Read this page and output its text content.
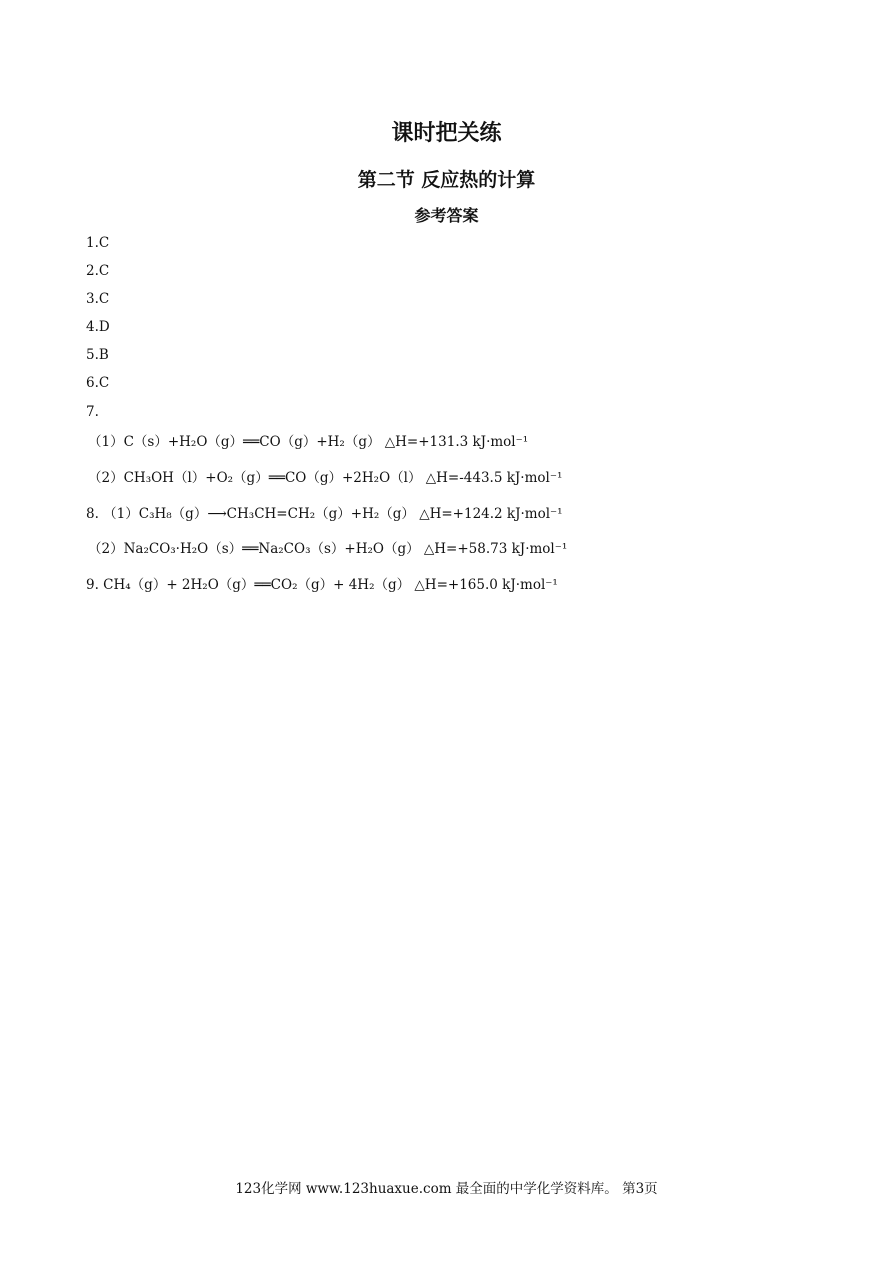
课时把关练
第二节 反应热的计算
参考答案
1.C
2.C
3.C
4.D
5.B
6.C
7.
（1）C（s）+H₂O（g）══CO（g）+H₂（g） △H=+131.3 kJ·mol⁻¹
（2）CH₃OH（l）+O₂（g）══CO（g）+2H₂O（l） △H=-443.5 kJ·mol⁻¹
8. （1）C₃H₈（g）⟶CH₃CH=CH₂（g）+H₂（g） △H=+124.2 kJ·mol⁻¹
（2）Na₂CO₃·H₂O（s）══Na₂CO₃（s）+H₂O（g） △H=+58.73 kJ·mol⁻¹
9. CH₄（g）+ 2H₂O（g）══CO₂（g）+ 4H₂（g） △H=+165.0 kJ·mol⁻¹
123化学网 www.123huaxue.com 最全面的中学化学资料库。 第3页
